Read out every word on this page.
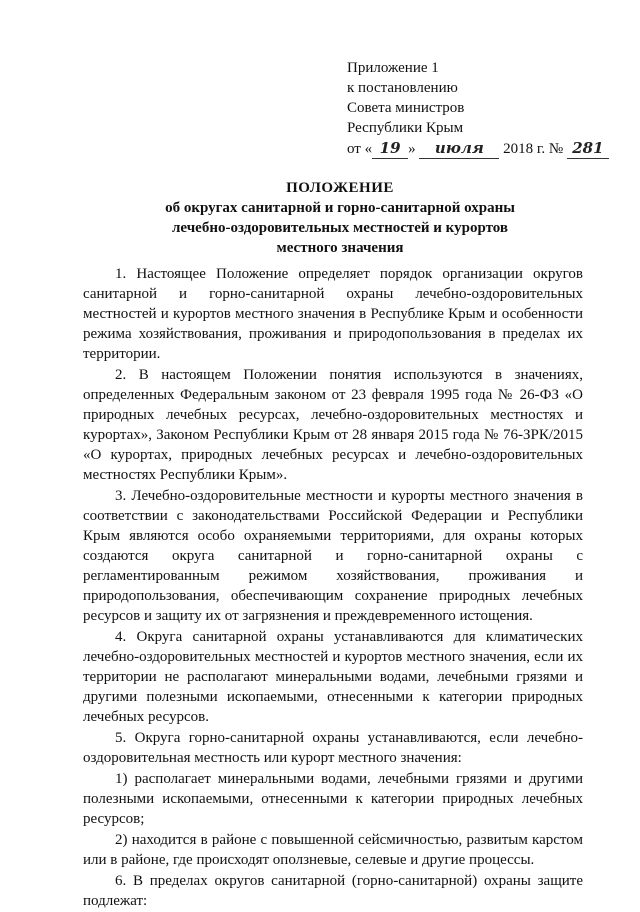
Приложение 1
к постановлению
Совета министров
Республики Крым
от « 19 » июля 2018 г. № 281
ПОЛОЖЕНИЕ
об округах санитарной и горно-санитарной охраны
лечебно-оздоровительных местностей и курортов
местного значения

1. Настоящее Положение определяет порядок организации округов санитарной и горно-санитарной охраны лечебно-оздоровительных местностей и курортов местного значения в Республике Крым и особенности режима хозяйствования, проживания и природопользования в пределах их территории.

2. В настоящем Положении понятия используются в значениях, определенных Федеральным законом от 23 февраля 1995 года № 26-ФЗ «О природных лечебных ресурсах, лечебно-оздоровительных местностях и курортах», Законом Республики Крым от 28 января 2015 года № 76-ЗРК/2015 «О курортах, природных лечебных ресурсах и лечебно-оздоровительных местностях Республики Крым».

3. Лечебно-оздоровительные местности и курорты местного значения в соответствии с законодательствами Российской Федерации и Республики Крым являются особо охраняемыми территориями, для охраны которых создаются округа санитарной и горно-санитарной охраны с регламентированным режимом хозяйствования, проживания и природопользования, обеспечивающим сохранение природных лечебных ресурсов и защиту их от загрязнения и преждевременного истощения.

4. Округа санитарной охраны устанавливаются для климатических лечебно-оздоровительных местностей и курортов местного значения, если их территории не располагают минеральными водами, лечебными грязями и другими полезными ископаемыми, отнесенными к категории природных лечебных ресурсов.

5. Округа горно-санитарной охраны устанавливаются, если лечебно-оздоровительная местность или курорт местного значения:

1) располагает минеральными водами, лечебными грязями и другими полезными ископаемыми, отнесенными к категории природных лечебных ресурсов;

2) находится в районе с повышенной сейсмичностью, развитым карстом или в районе, где происходят оползневые, селевые и другие процессы.

6. В пределах округов санитарной (горно-санитарной) охраны защите подлежат:
